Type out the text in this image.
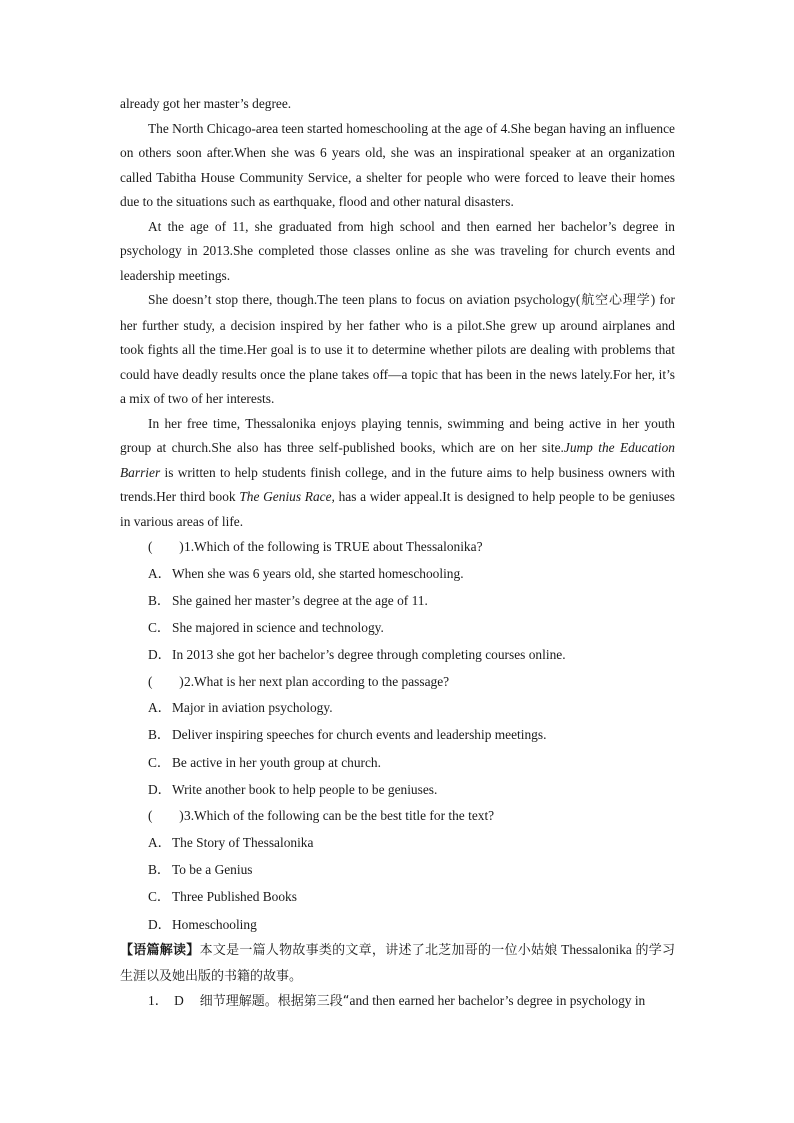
already got her master’s degree.

The North Chicago-area teen started homeschooling at the age of 4.She began having an influence on others soon after.When she was 6 years old, she was an inspirational speaker at an organization called Tabitha House Community Service, a shelter for people who were forced to leave their homes due to the situations such as earthquake, flood and other natural disasters.

At the age of 11, she graduated from high school and then earned her bachelor’s degree in psychology in 2013.She completed those classes online as she was traveling for church events and leadership meetings.

She doesn’t stop there, though.The teen plans to focus on aviation psychology(航空心理学) for her further study, a decision inspired by her father who is a pilot.She grew up around airplanes and took fights all the time.Her goal is to use it to determine whether pilots are dealing with problems that could have deadly results once the plane takes off—a topic that has been in the news lately.For her, it’s a mix of two of her interests.

In her free time, Thessalonika enjoys playing tennis, swimming and being active in her youth group at church.She also has three self-published books, which are on her site.Jump the Education Barrier is written to help students finish college, and in the future aims to help business owners with trends.Her third book The Genius Race, has a wider appeal.It is designed to help people to be geniuses in various areas of life.

(　　)1.Which of the following is TRUE about Thessalonika?

A．When she was 6 years old, she started homeschooling.

B． She gained her master’s degree at the age of 11.

C． She majored in science and technology.

D．In 2013 she got her bachelor’s degree through completing courses online.

(　　)2.What is her next plan according to the passage?

A．Major in aviation psychology.

B． Deliver inspiring speeches for church events and leadership meetings.

C． Be active in her youth group at church.

D．Write another book to help people to be geniuses.

(　　)3.Which of the following can be the best title for the text?

A．The Story of Thessalonika

B． To be a Genius

C． Three Published Books

D．Homeschooling

【语篇解读】本文是一篇人物故事类的文章，讲述了北芝加哥的一位小姑娘 Thessalonika 的学习生涯以及她出版的书籍的故事。

1． D 细节理解题。根据第三段“and then earned her bachelor’s degree in psychology in
